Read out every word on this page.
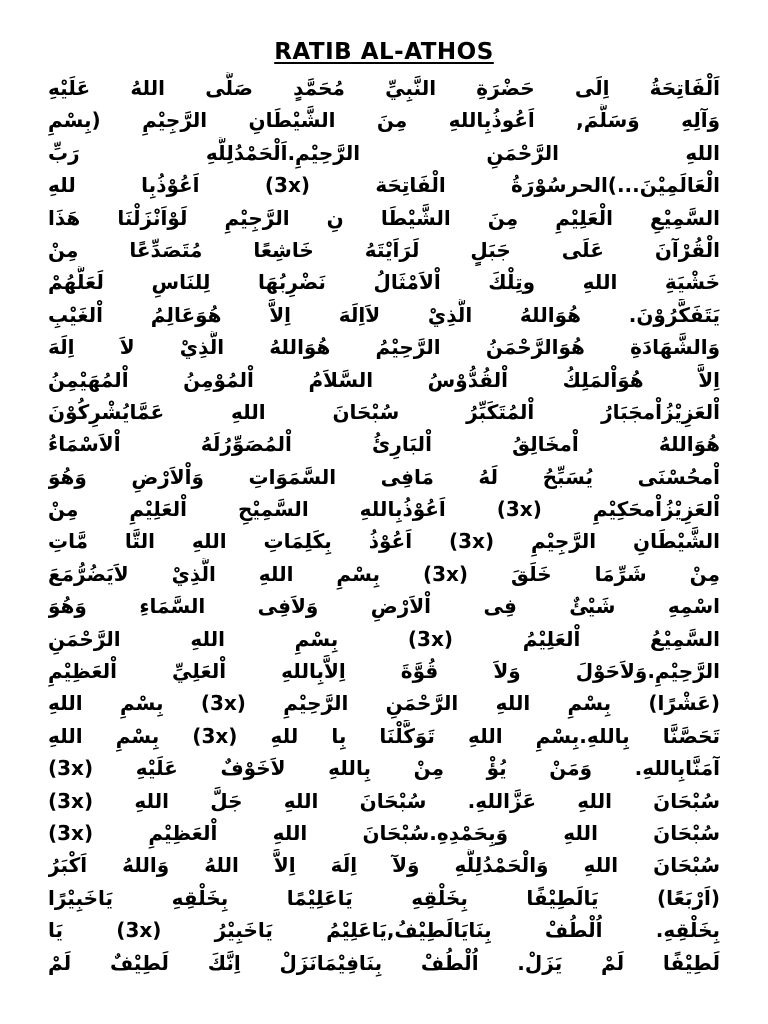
RATIB AL-ATHOS
اَلْفَاتِحَةُ اِلَى حَضْرَةِ النَّبِيِّ مُحَمَّدٍ صَلَّى اللهُ عَلَيْهِ
وَآلِهِ وَسَلَّمَ, اَعُوذُبِاللهِ مِنَ الشَّيْطَانِ الرَّجِيْمِ (بِسْمِ
اللهِ الرَّحْمَنِ الرَّحِيْمِ.اَلْحَمْدُلِلَّهِ رَبِّ
الْعَالَمِيْنَ...)الحرسُوْرَةُ الْفَاتِحَة (3x) اَعُوْذُبِا للهِ
السَّمِيْعِ الْعَلِيْمِ مِنَ الشَّيْطَا نِ الرَّجِيْمِ لَوْاَنْزَلْنَا هَذَا
الْقُرْآنَ عَلَى جَبَلٍ لَرَاَيْتَهُ خَاشِعًا مُتَصَدِّعًا مِنْ
خَشْيَةِ اللهِ وتِلْكَ اْلاَمْثَالُ نَضْرِبُهَا لِلنَاسِ لَعَلَّهُمْ
يَتَفَكَّرُوْنَ. هُوَاللهُ الَّذِيْ لاَاِلَهَ اِلاَّ هُوَعَالِمُ اْلغَيْبِ
وَالشَّهَادَةِ هُوَالرَّحْمَنُ الرَّحِيْمُ هُوَاللهُ الَّذِيْ لاَ اِلَهَ
اِلاَّ هُوَاْلمَلِكُ اْلقُدُّوْسُ السَّلاَمُ اْلمُوْمِنُ اْلمُهَيْمِنُ
اْلعَزِيْزُاْمجَبَارُ اْلمُتَكَبِّرُ سُبْحَانَ اللهِ عَمَّايُشْرِكُوْنَ
هُوَاللهُ اْمخَالِقُ اْلبَارِئُ اْلمُصَوِّرُلَهُ اْلاَسْمَاءُ
اْمحُسْنَى يُسَبِّحُ لَهُ مَافِى السَّمَوَاتِ وَاْلاَرْضِ وَهُوَ
اْلعَزِيْزُاْمحَكِيْمِ (3x) اَعُوْذُبِاللهِ السَّمِيْحِ اْلعَلِيْمِ مِنْ
الشَّيْطَانِ الرَّجِيْمِ (3x) اَعُوْذُ بِكَلِمَاتِ اللهِ التَّا مَّاتِ
مِنْ شَرِّمَا خَلَقَ (3x) بِسْمِ اللهِ الَّذِيْ لاَيَضُرُّمَعَ
اسْمِهِ شَيْئٌ فِى اْلاَرْضِ وَلاَفِى السَّمَاءِ وَهُوَ
السَّمِيْعُ اْلعَلِيْمُ (3x) بِسْمِ اللهِ الرَّحْمَنِ
الرَّحِيْمِ.وَلاَحَوْلَ وَلاَ قُوَّةَ اِلاَّبِاللهِ اْلعَلِيِّ اْلعَظِيْمِ
(عَشْرًا) بِسْمِ اللهِ الرَّحْمَنِ الرَّحِيْمِ (3x) بِسْمِ اللهِ
تَحَصَّنَّا بِاللهِ.بِسْمِ اللهِ تَوَكَّلْنَا بِا للهِ (3x) بِسْمِ اللهِ
آمَنَّابِاللهِ. وَمَنْ يُؤْ مِنْ بِاللهِ لاَخَوْفٌ عَلَيْهِ (3x)
سُبْحَانَ اللهِ عَزَّاللهِ. سُبْحَانَ اللهِ جَلَّ اللهِ (3x)
سُبْحَانَ اللهِ وَبِحَمْدِهِ.سُبْحَانَ اللهِ اْلعَظِيْمِ (3x)
سُبْحَانَ اللهِ وَالْحَمْدُلِلَّهِ وَلآ اِلَهَ اِلاَّ اللهُ وَاللهُ اَكْبَرُ
(اَرْبَعًا) يَالَطِيْفًا بِخَلْقِهِ يَاعَلِيْمًا بِخَلْقِهِ يَاخَبِيْرًا
بِخَلْقِهِ. اُلْطُفْ بِنَايَالَطِيْفُ,يَاعَلِيْمُ يَاخَبِيْرُ (3x) يَا
لَطِيْفًا لَمْ يَزَلْ. اُلْطُفْ بِنَافِيْمَانَزَلْ اِنَّكَ لَطِيْفٌ لَمْ
